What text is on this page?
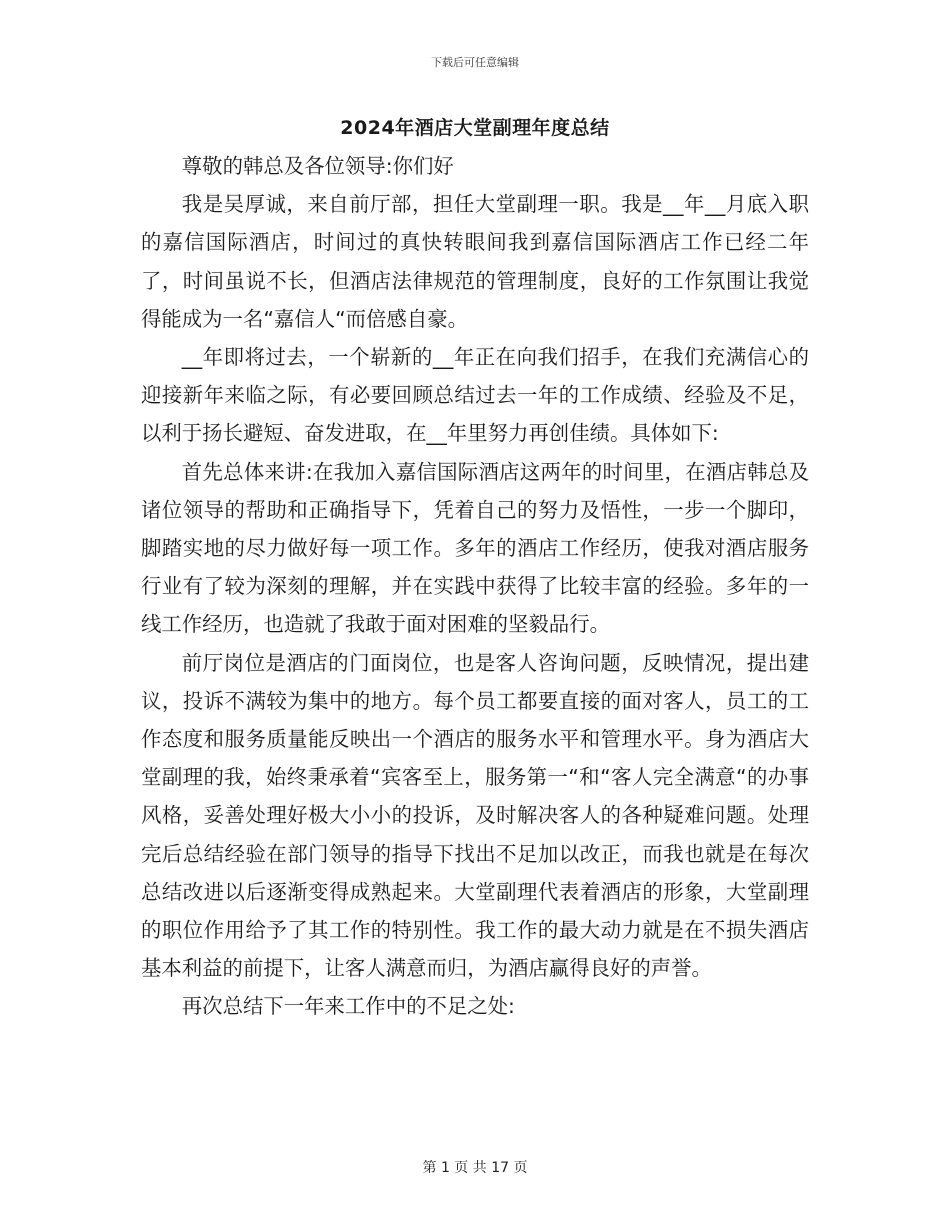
下载后可任意编辑
2024年酒店大堂副理年度总结

尊敬的韩总及各位领导:你们好

我是吴厚诚，来自前厅部，担任大堂副理一职。我是__年__月底入职的嘉信国际酒店，时间过的真快转眼间我到嘉信国际酒店工作已经二年了，时间虽说不长，但酒店法律规范的管理制度，良好的工作氛围让我觉得能成为一名“嘉信人“而倍感自豪。

__年即将过去，一个崭新的__年正在向我们招手，在我们充满信心的迎接新年来临之际，有必要回顾总结过去一年的工作成绩、经验及不足，以利于扬长避短、奋发进取，在__年里努力再创佳绩。具体如下:

首先总体来讲:在我加入嘉信国际酒店这两年的时间里，在酒店韩总及诸位领导的帮助和正确指导下，凭着自己的努力及悟性，一步一个脚印，脚踏实地的尽力做好每一项工作。多年的酒店工作经历，使我对酒店服务行业有了较为深刻的理解，并在实践中获得了比较丰富的经验。多年的一线工作经历，也造就了我敢于面对困难的坚毅品行。

前厅岗位是酒店的门面岗位，也是客人咨询问题，反映情况，提出建议，投诉不满较为集中的地方。每个员工都要直接的面对客人，员工的工作态度和服务质量能反映出一个酒店的服务水平和管理水平。身为酒店大堂副理的我，始终秉承着“宾客至上，服务第一“和“客人完全满意“的办事风格，妥善处理好极大小小的投诉，及时解决客人的各种疑难问题。处理完后总结经验在部门领导的指导下找出不足加以改正，而我也就是在每次总结改进以后逐渐变得成熟起来。大堂副理代表着酒店的形象，大堂副理的职位作用给予了其工作的特别性。我工作的最大动力就是在不损失酒店基本利益的前提下，让客人满意而归，为酒店赢得良好的声誉。

再次总结下一年来工作中的不足之处:

第 1 页 共 17 页
